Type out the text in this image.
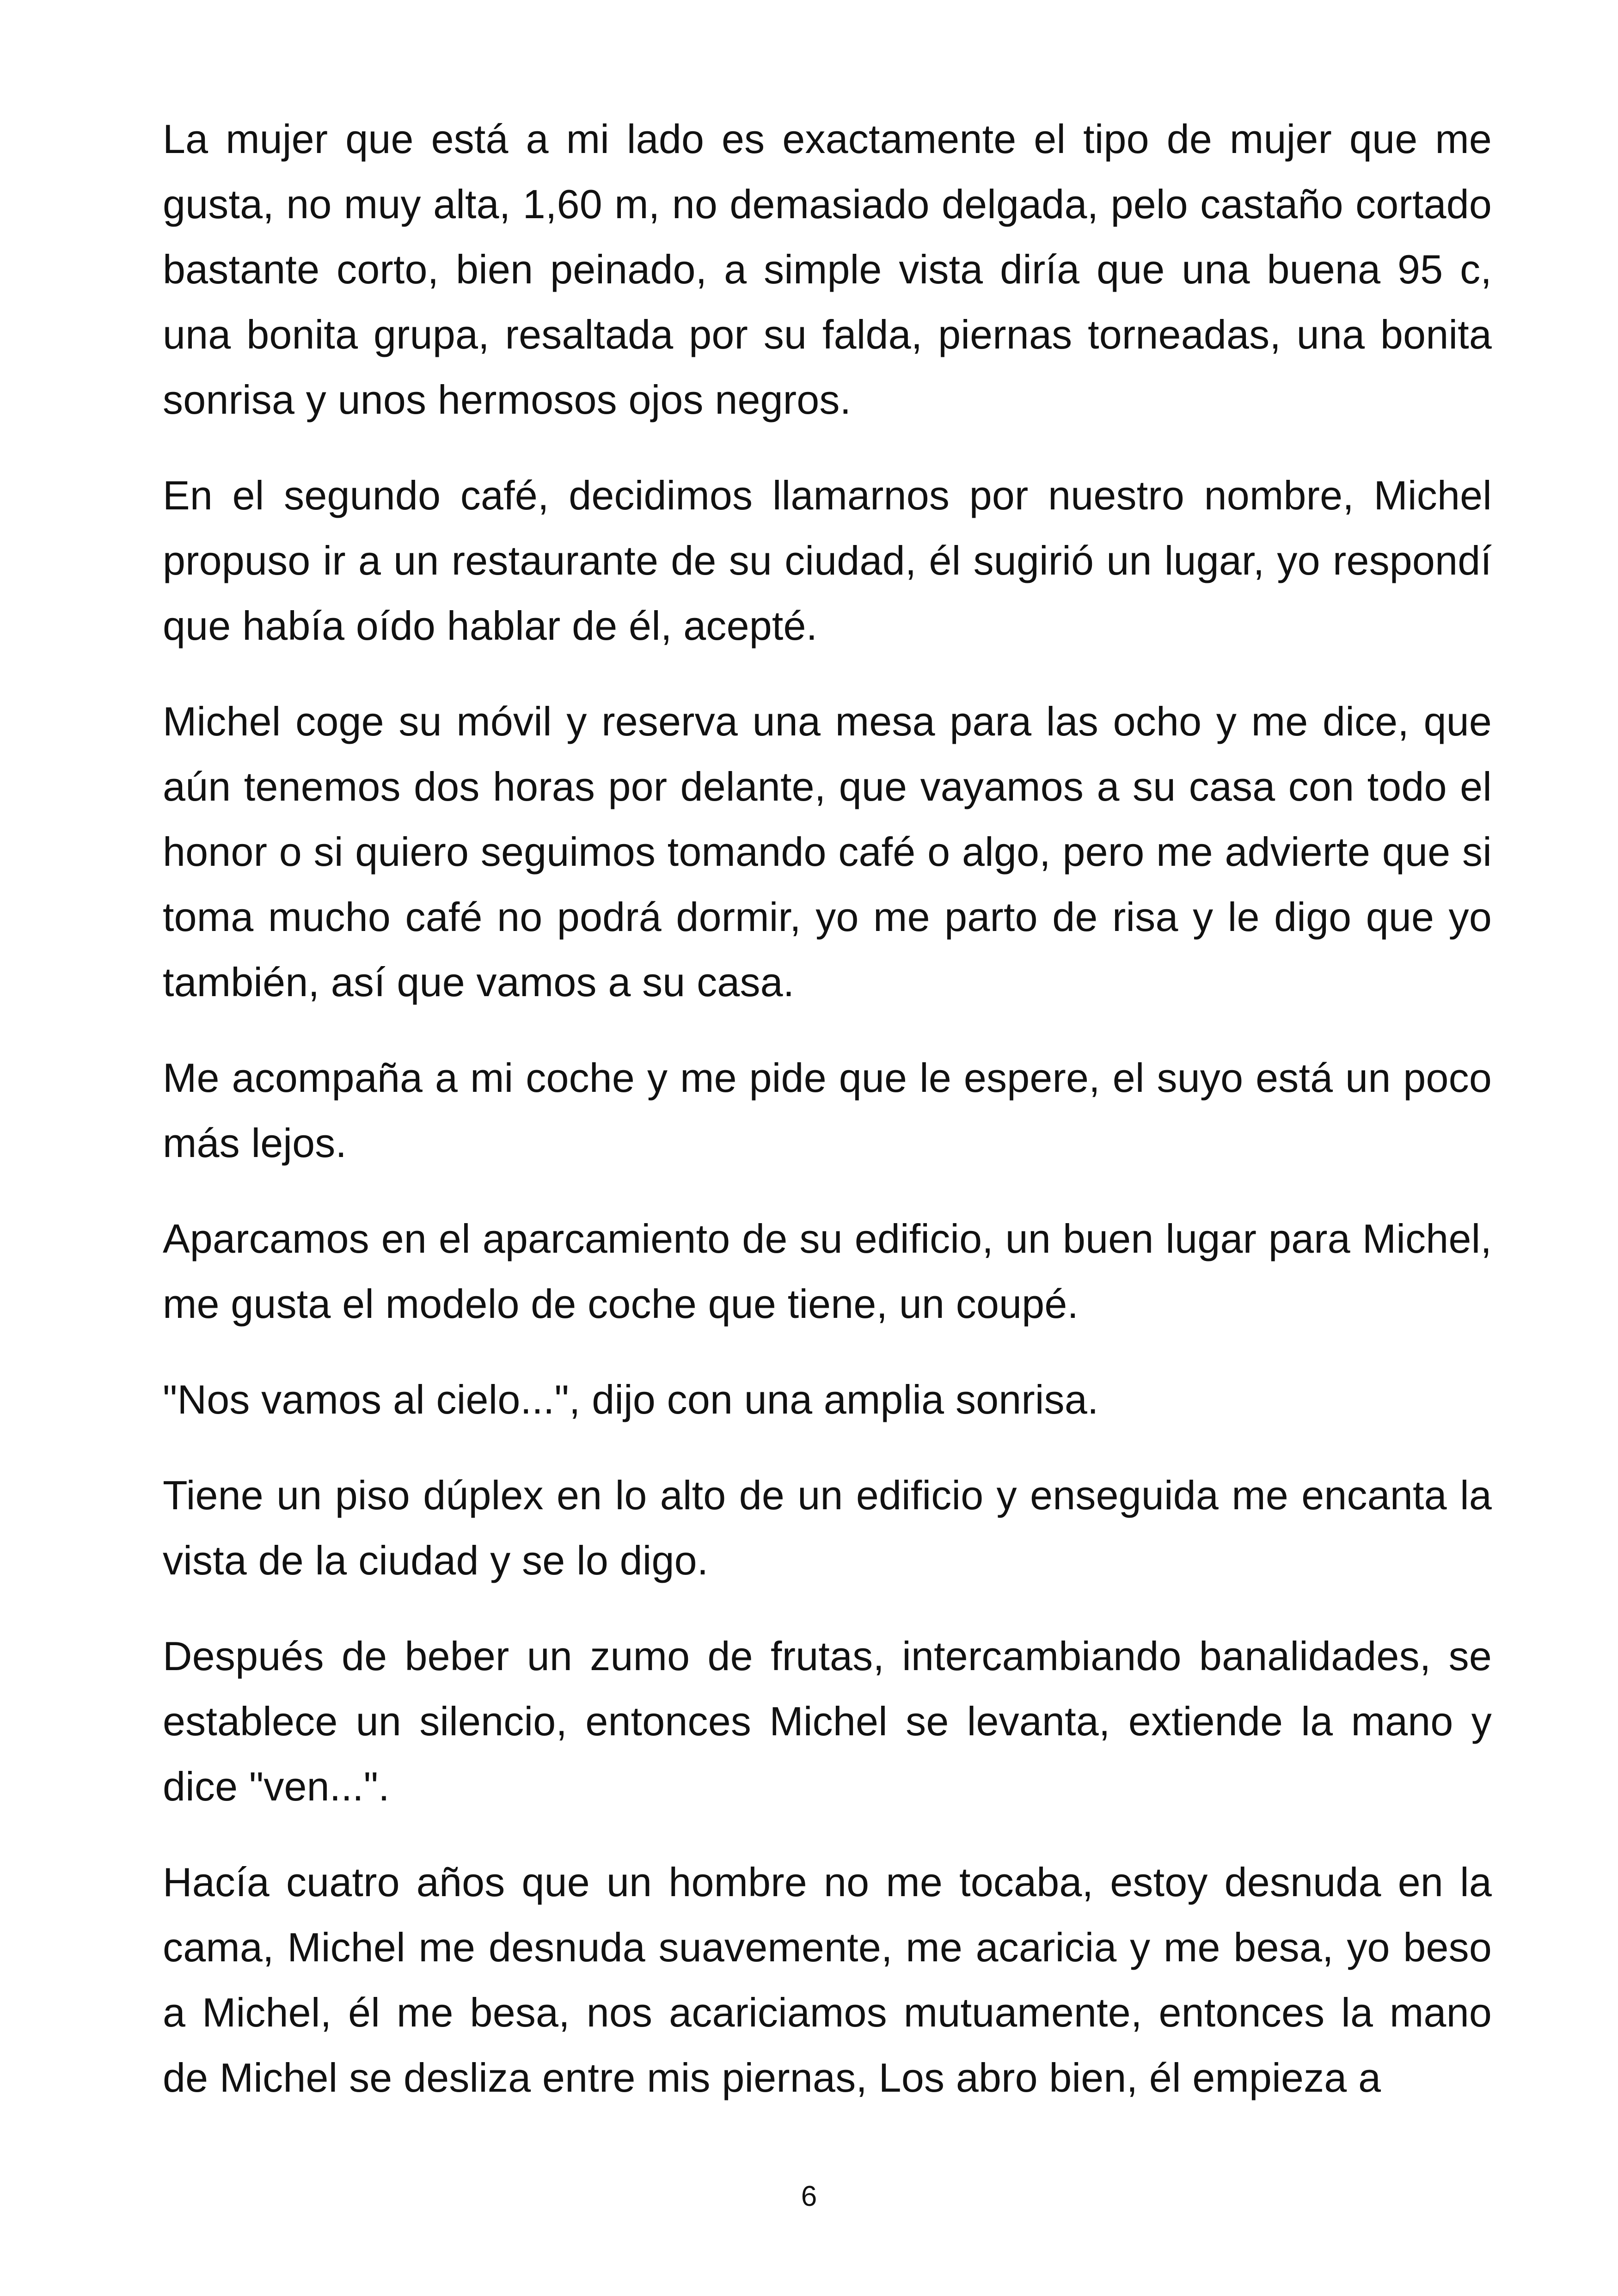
La mujer que está a mi lado es exactamente el tipo de mujer que me gusta, no muy alta, 1,60 m, no demasiado delgada, pelo castaño cortado bastante corto, bien peinado, a simple vista diría que una buena 95 c, una bonita grupa, resaltada por su falda, piernas torneadas, una bonita sonrisa y unos hermosos ojos negros.

En el segundo café, decidimos llamarnos por nuestro nombre, Michel propuso ir a un restaurante de su ciudad, él sugirió un lugar, yo respondí que había oído hablar de él, acepté.

Michel coge su móvil y reserva una mesa para las ocho y me dice, que aún tenemos dos horas por delante, que vayamos a su casa con todo el honor o si quiero seguimos tomando café o algo, pero me advierte que si toma mucho café no podrá dormir, yo me parto de risa y le digo que yo también, así que vamos a su casa.

Me acompaña a mi coche y me pide que le espere, el suyo está un poco más lejos.

Aparcamos en el aparcamiento de su edificio, un buen lugar para Michel, me gusta el modelo de coche que tiene, un coupé.

"Nos vamos al cielo...", dijo con una amplia sonrisa.

Tiene un piso dúplex en lo alto de un edificio y enseguida me encanta la vista de la ciudad y se lo digo.

Después de beber un zumo de frutas, intercambiando banalidades, se establece un silencio, entonces Michel se levanta, extiende la mano y dice "ven...".

Hacía cuatro años que un hombre no me tocaba, estoy desnuda en la cama, Michel me desnuda suavemente, me acaricia y me besa, yo beso a Michel, él me besa, nos acariciamos mutuamente, entonces la mano de Michel se desliza entre mis piernas, Los abro bien, él empieza a

6
